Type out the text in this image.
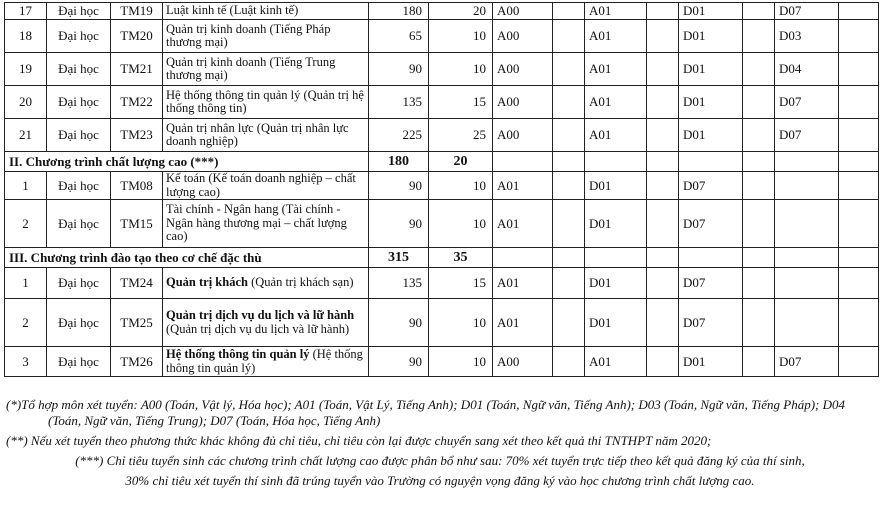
17	Đại học	TM19	Luật kinh tế (Luật kinh tế)	180	20	A00		A01		D01		D07	
18	Đại học	TM20	Quản trị kinh doanh (Tiếng Pháp thương mại)	65	10	A00		A01		D01		D03	
19	Đại học	TM21	Quản trị kinh doanh (Tiếng Trung thương mại)	90	10	A00		A01		D01		D04	
20	Đại học	TM22	Hệ thống thông tin quản lý (Quản trị hệ thống thông tin)	135	15	A00		A01		D01		D07	
21	Đại học	TM23	Quản trị nhân lực (Quản trị nhân lực doanh nghiệp)	225	25	A00		A01		D01		D07	
II. Chương trình chất lượng cao (***)				180	20								
1	Đại học	TM08	Kế toán (Kế toán doanh nghiệp – chất lượng cao)	90	10	A01		D01		D07			
2	Đại học	TM15	Tài chính - Ngân hang (Tài chính - Ngân hàng thương mại – chất lượng cao)	90	10	A01		D01		D07			
III. Chương trình đào tạo theo cơ chế đặc thù				315	35								
1	Đại học	TM24	Quản trị khách (Quản trị khách sạn)	135	15	A01		D01		D07			
2	Đại học	TM25	Quản trị dịch vụ du lịch và lữ hành (Quản trị dịch vụ du lịch và lữ hành)	90	10	A01		D01		D07			
3	Đại học	TM26	Hệ thống thông tin quản lý (Hệ thống thông tin quản lý)	90	10	A00		A01		D01		D07	

(*)Tổ hợp môn xét tuyển: A00 (Toán, Vật lý, Hóa học); A01 (Toán, Vật Lý, Tiếng Anh); D01 (Toán, Ngữ văn, Tiếng Anh); D03 (Toán, Ngữ văn, Tiếng Pháp); D04 (Toán, Ngữ văn, Tiếng Trung); D07 (Toán, Hóa học, Tiếng Anh)

(**) Nếu xét tuyển theo phương thức khác không đủ chỉ tiêu, chỉ tiêu còn lại được chuyển sang xét theo kết quả thi TNTHPT năm 2020;

(***) Chỉ tiêu tuyển sinh các chương trình chất lượng cao được phân bổ như sau: 70% xét tuyển trực tiếp theo kết quả đăng ký của thí sinh,

30% chỉ tiêu xét tuyển thí sinh đã trúng tuyển vào Trường có nguyện vọng đăng ký vào học chương trình chất lượng cao.
